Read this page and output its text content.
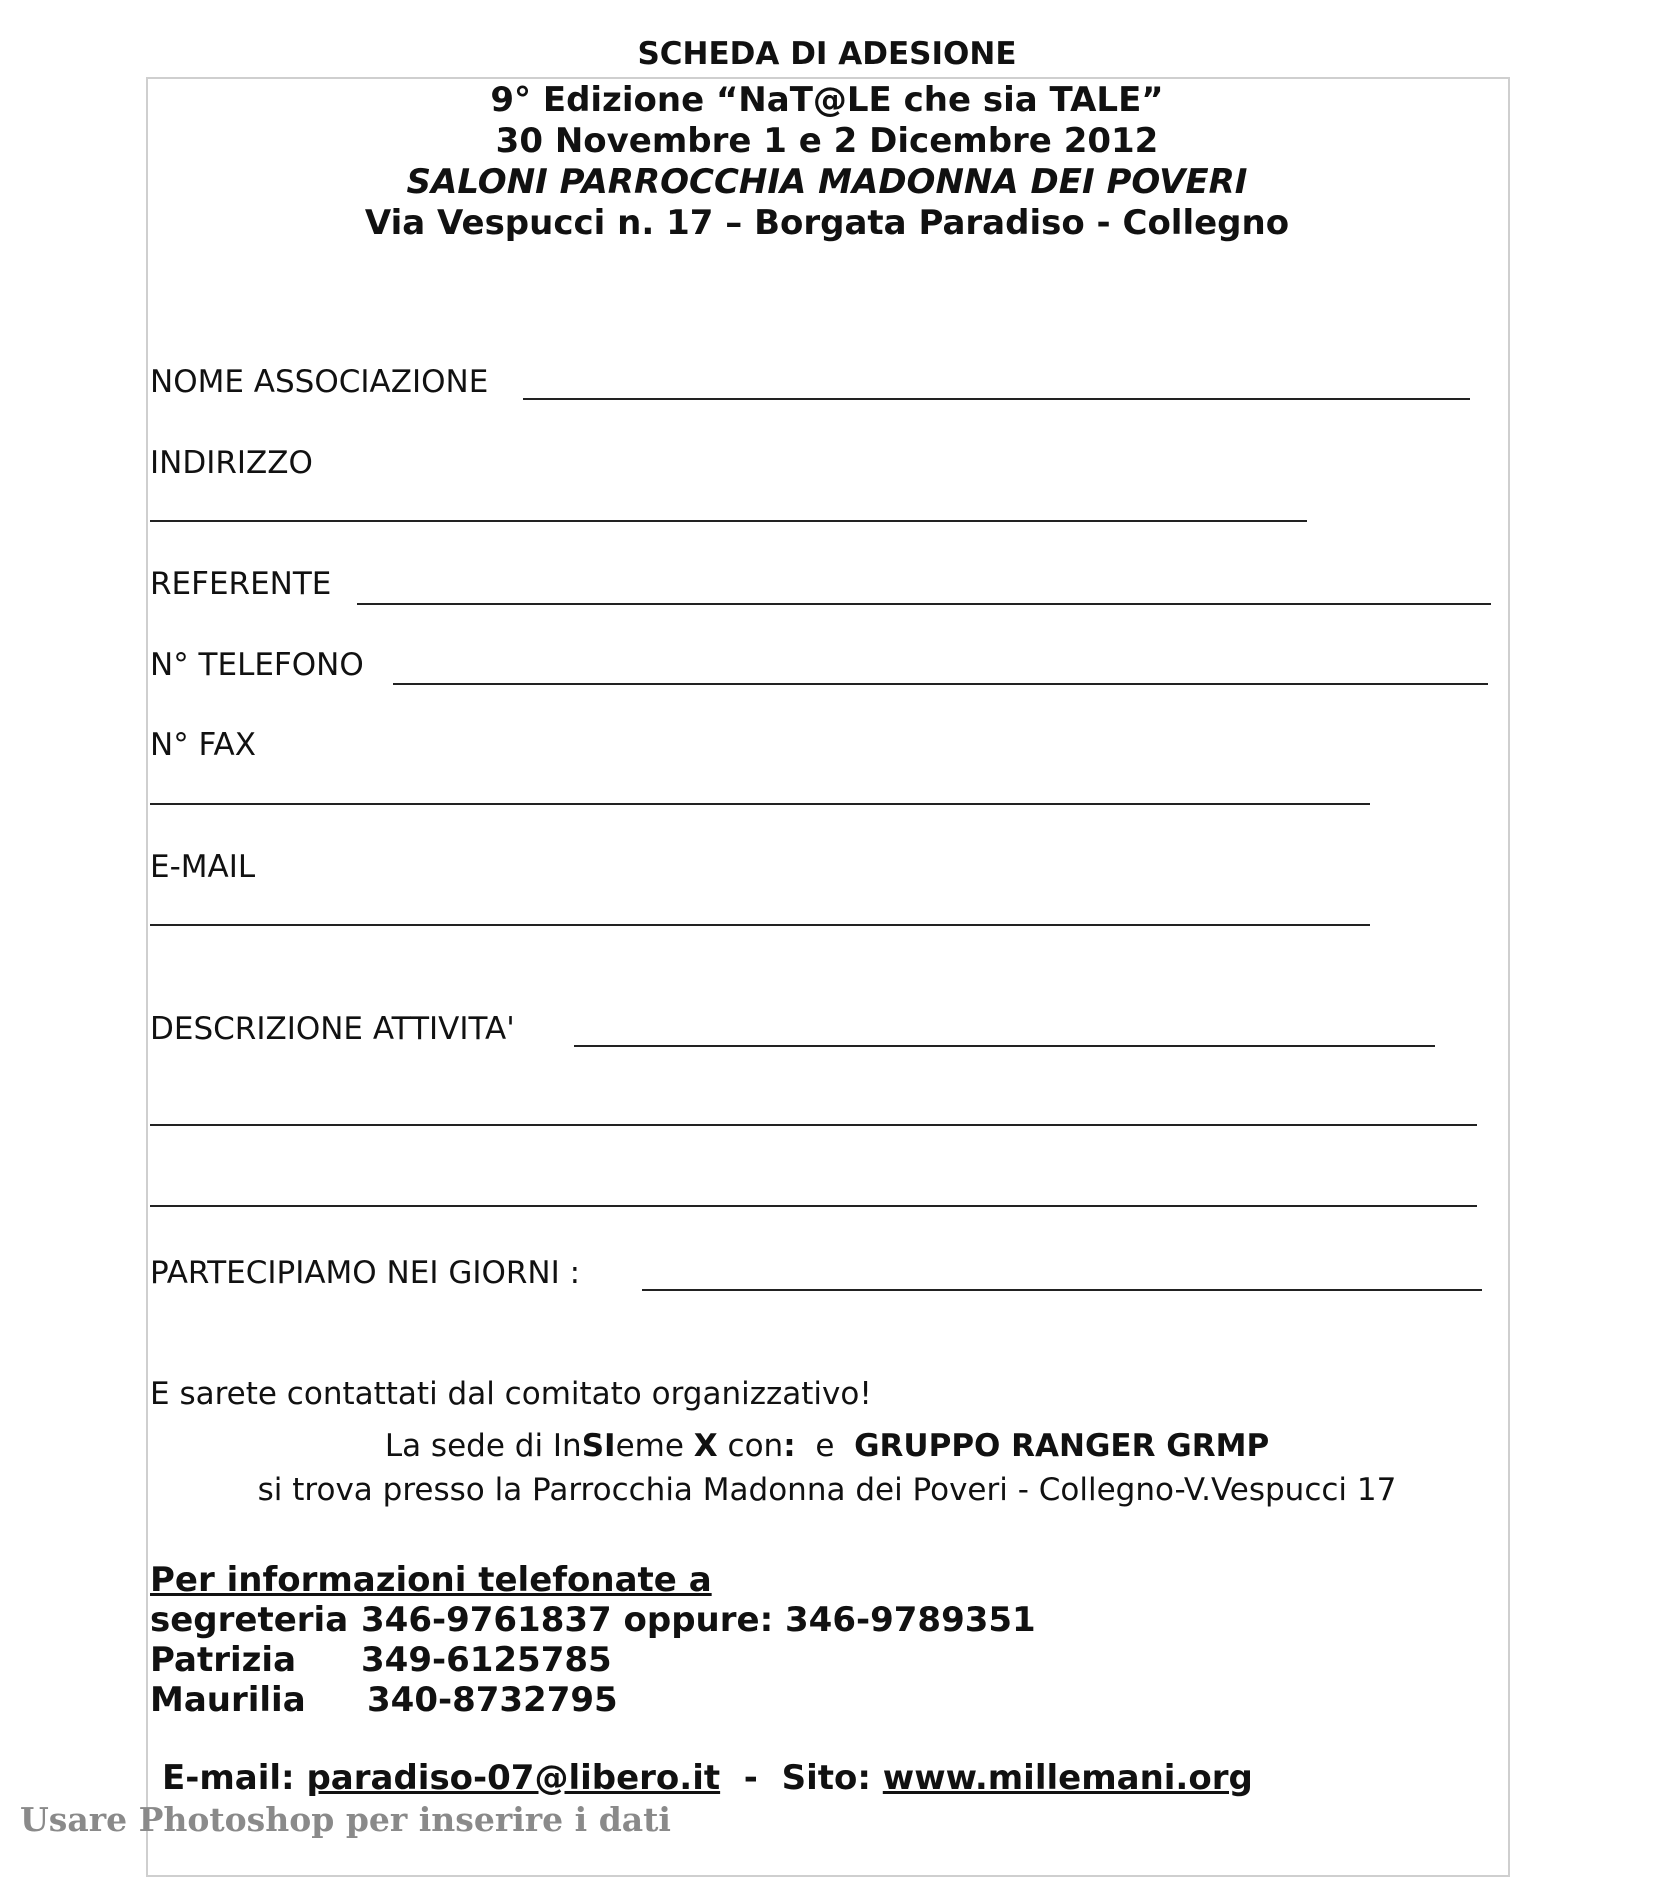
SCHEDA DI ADESIONE
9° Edizione “NaT@LE che sia TALE”
30 Novembre 1 e 2 Dicembre 2012
SALONI PARROCCHIA MADONNA DEI POVERI
Via Vespucci n. 17 – Borgata Paradiso - Collegno
NOME ASSOCIAZIONE
INDIRIZZO
REFERENTE
N° TELEFONO
N° FAX
E-MAIL
DESCRIZIONE ATTIVITA'
PARTECIPIAMO NEI GIORNI :
E sarete contattati dal comitato organizzativo!
La sede di InSIeme X con:  e  GRUPPO RANGER GRMP
si trova presso la Parrocchia Madonna dei Poveri - Collegno-V.Vespucci 17
Per informazioni telefonate a
segreteria 346-9761837 oppure: 346-9789351
Patrizia 349-6125785
Maurilia 340-8732795
E-mail: paradiso-07@libero.it  -  Sito: www.millemani.org
Usare Photoshop per inserire i dati
